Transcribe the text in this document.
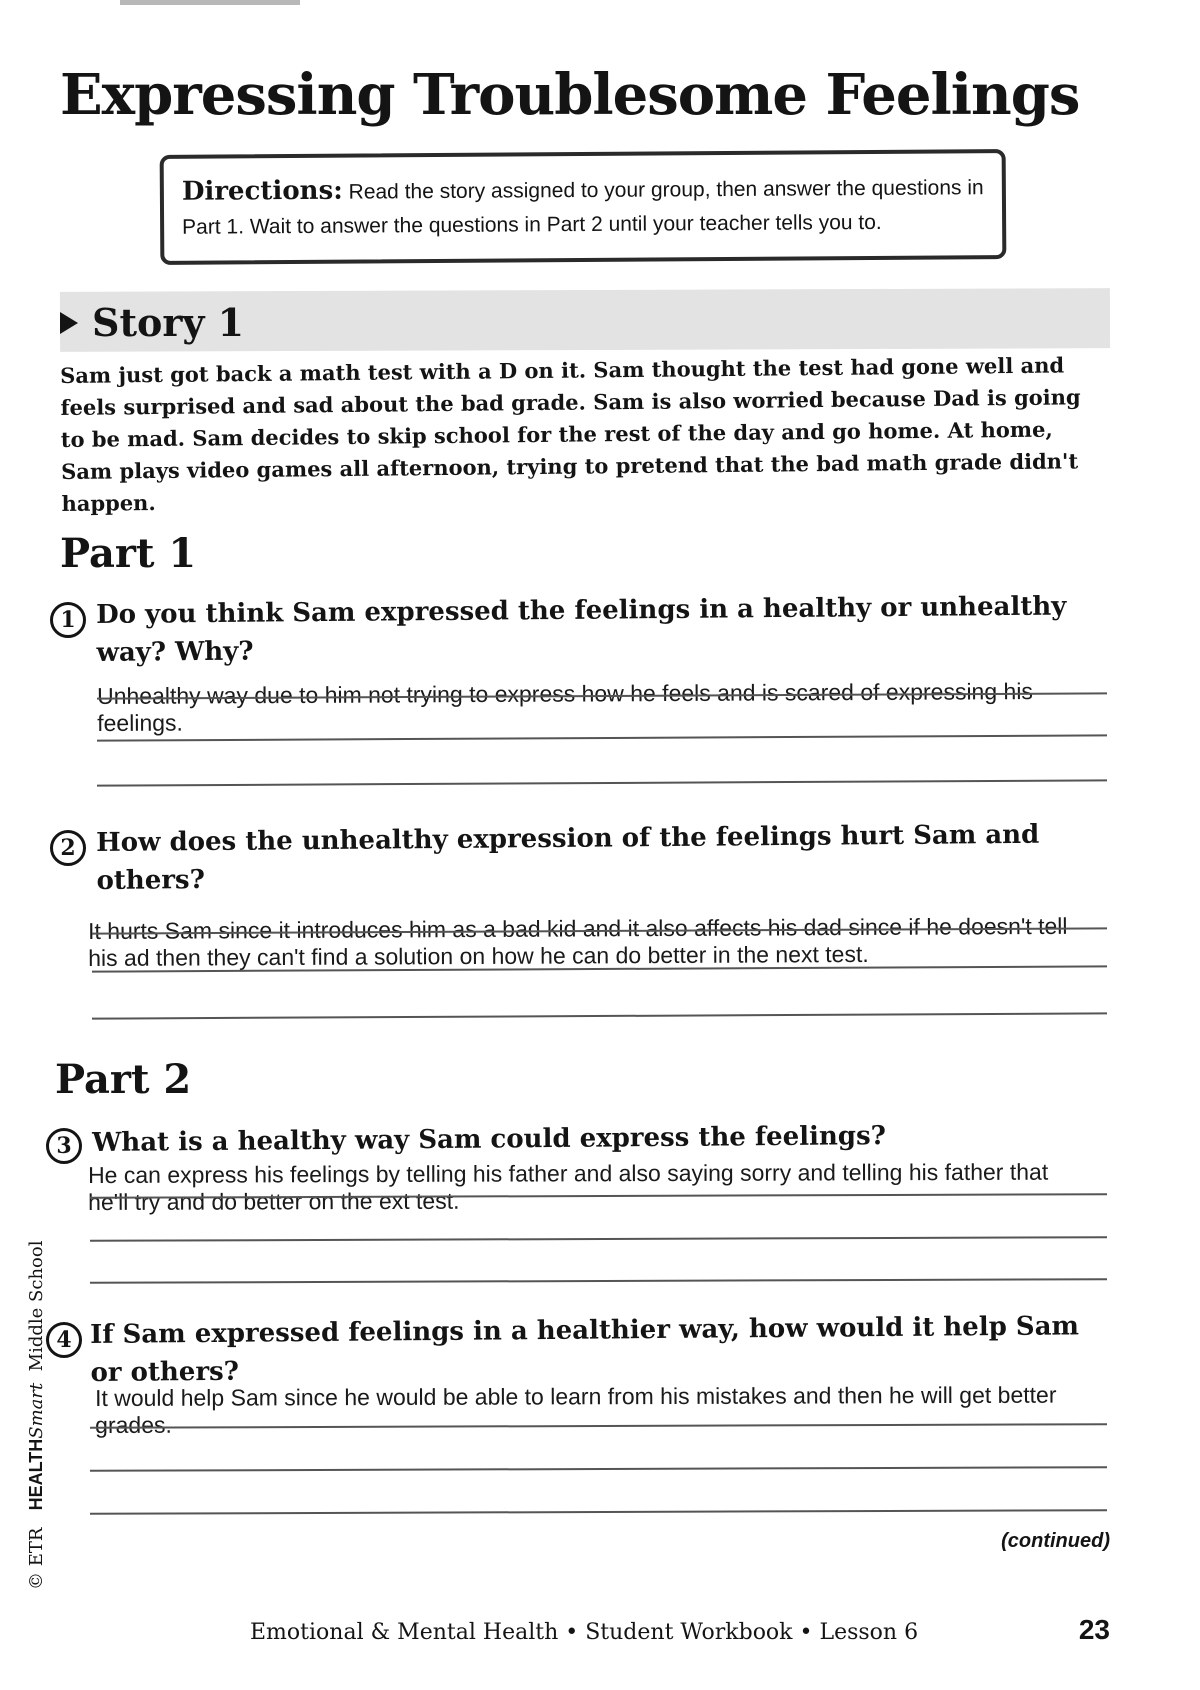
Expressing Troublesome Feelings
Directions: Read the story assigned to your group, then answer the questions in Part 1. Wait to answer the questions in Part 2 until your teacher tells you to.
Story 1
Sam just got back a math test with a D on it. Sam thought the test had gone well and feels surprised and sad about the bad grade. Sam is also worried because Dad is going to be mad. Sam decides to skip school for the rest of the day and go home. At home, Sam plays video games all afternoon, trying to pretend that the bad math grade didn't happen.
Part 1
1 Do you think Sam expressed the feelings in a healthy or unhealthy way? Why?
Unhealthy way due to him not trying to express how he feels and is scared of expressing his feelings.
2 How does the unhealthy expression of the feelings hurt Sam and others?
It hurts Sam since it introduces him as a bad kid and it also affects his dad since if he doesn't tell his ad then they can't find a solution on how he can do better in the next test.
Part 2
3 What is a healthy way Sam could express the feelings?
He can express his feelings by telling his father and also saying sorry and telling his father that he'll try and do better on the ext test.
4 If Sam expressed feelings in a healthier way, how would it help Sam or others?
It would help Sam since he would be able to learn from his mistakes and then he will get better grades.
(continued)
Emotional & Mental Health • Student Workbook • Lesson 6	23
© ETR   HEALTHSmart  Middle School
